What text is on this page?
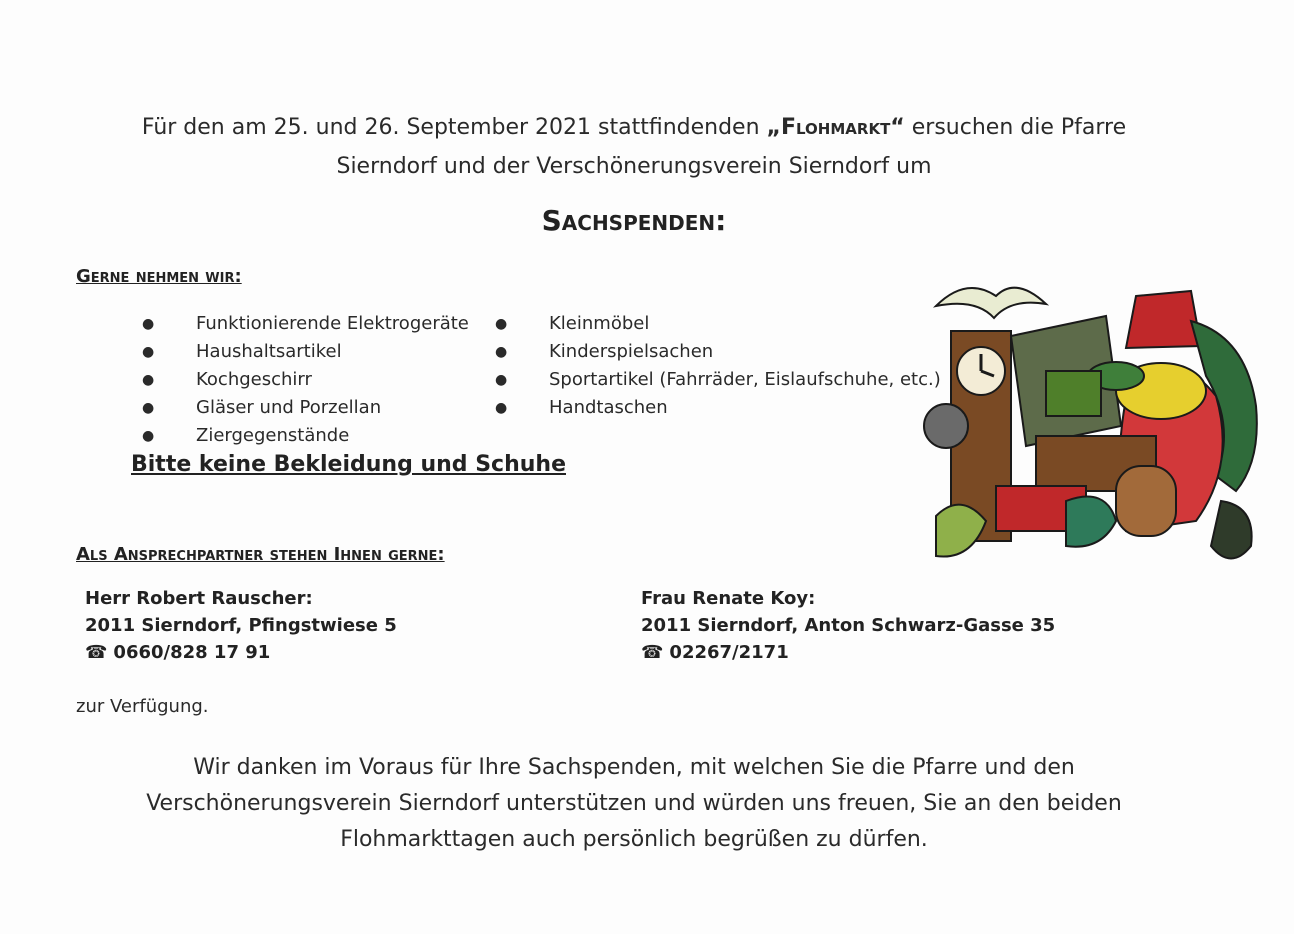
Für den am 25. und 26. September 2021 stattfindenden „Flohmarkt“ ersuchen die Pfarre
Sierndorf und der Verschönerungsverein Sierndorf um
Sachspenden:
Gerne nehmen wir:
● Funktionierende Elektrogeräte
● Haushaltsartikel
● Kochgeschirr
● Gläser und Porzellan
● Ziergegenstände
● Kleinmöbel
● Kinderspielsachen
● Sportartikel (Fahrräder, Eislaufschuhe, etc.)
● Handtaschen
Bitte keine Bekleidung und Schuhe
Als Ansprechpartner stehen Ihnen gerne:
Herr Robert Rauscher:
2011 Sierndorf, Pfingstwiese 5
☎ 0660/828 17 91
Frau Renate Koy:
2011 Sierndorf, Anton Schwarz-Gasse 35
☎ 02267/2171
zur Verfügung.
Wir danken im Voraus für Ihre Sachspenden, mit welchen Sie die Pfarre und den
Verschönerungsverein Sierndorf unterstützen und würden uns freuen, Sie an den beiden
Flohmarkttagen auch persönlich begrüßen zu dürfen.
